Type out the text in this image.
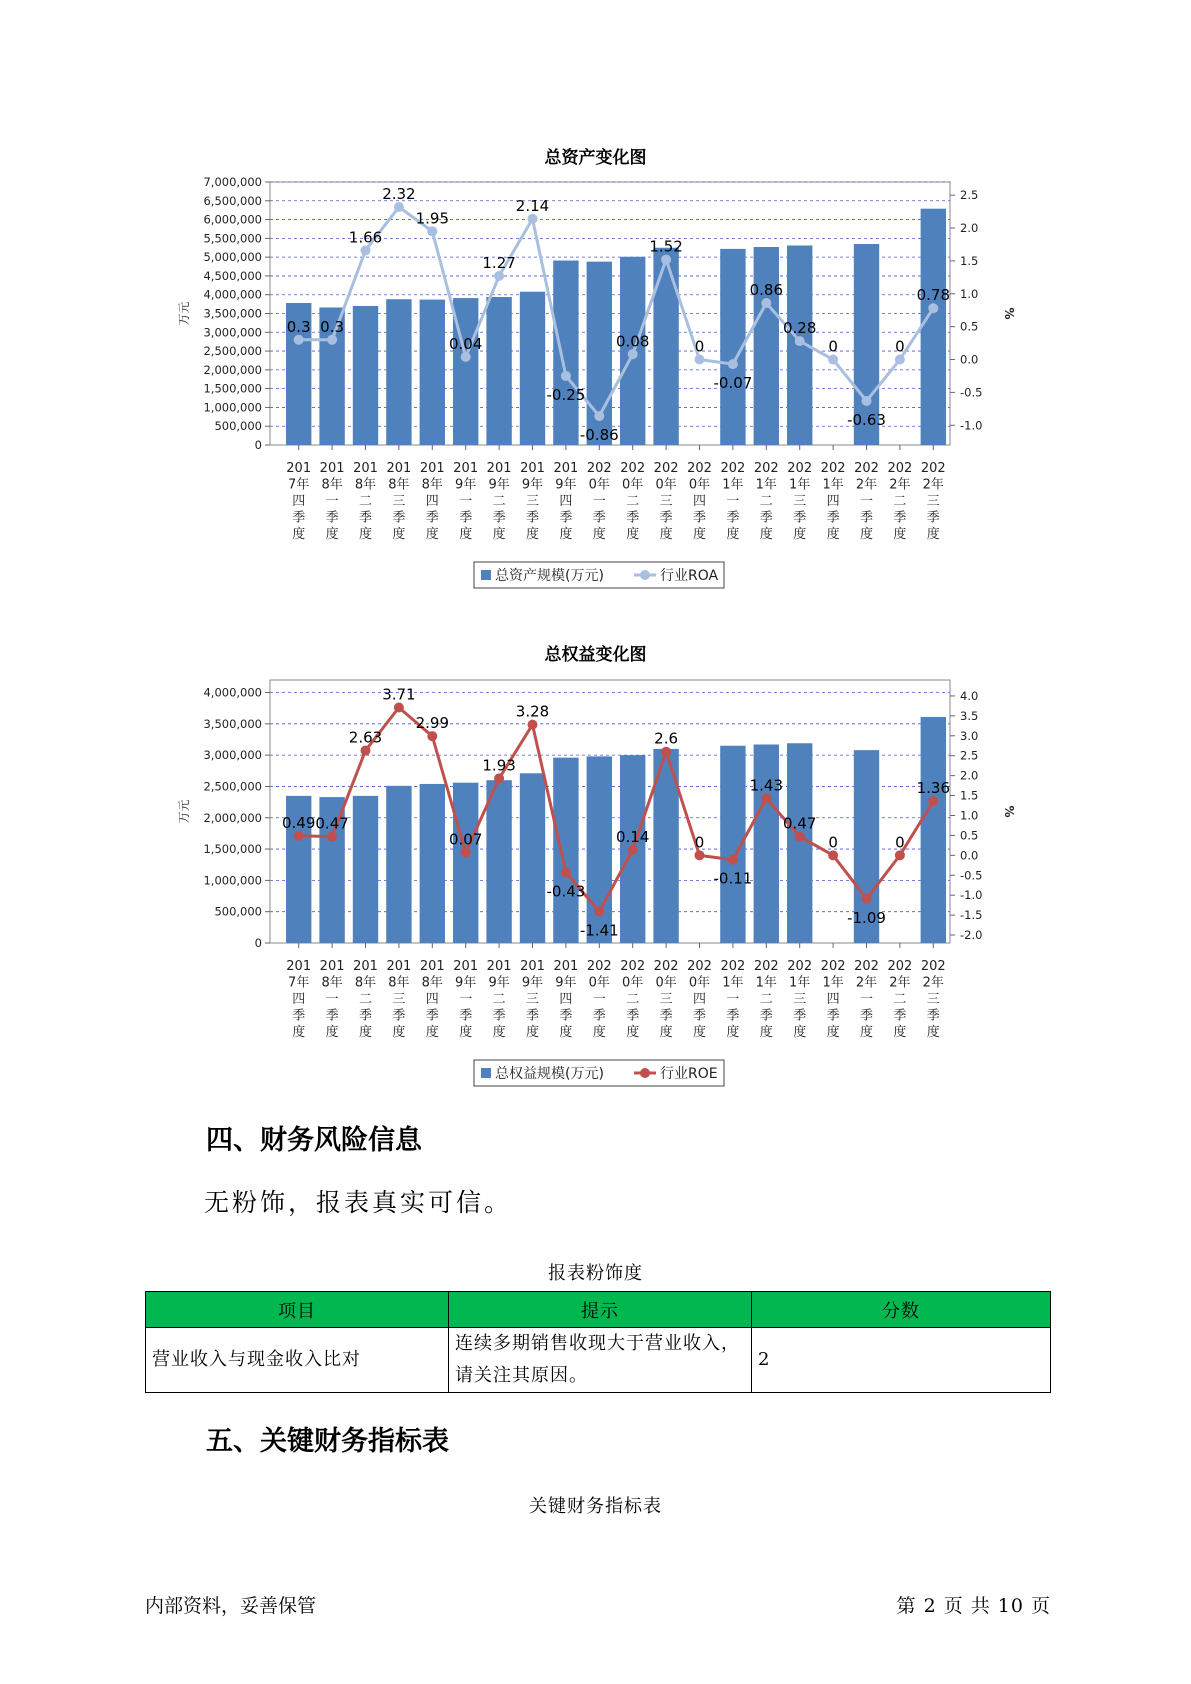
总资产变化图
0
500,000
1,000,000
1,500,000
2,000,000
2,500,000
3,000,000
3,500,000
4,000,000
4,500,000
5,000,000
5,500,000
6,000,000
6,500,000
7,000,000
-1.0
-0.5
0.0
0.5
1.0
1.5
2.0
2.5
万元	%
0.3 0.3
1.66
2.32
1.95
0.04
1.27
2.14
-0.25
-0.86
0.08
1.52
0
-0.07
0.86
0.28
0
-0.63
0
0.78
201
7年
四
季
度
201
8年
一
季
度
201
8年
二
季
度
201
8年
三
季
度
201
8年
四
季
度
201
9年
一
季
度
201
9年
二
季
度
201
9年
三
季
度
201
9年
四
季
度
202
0年
一
季
度
202
0年
二
季
度
202
0年
三
季
度
202
0年
四
季
度
202
1年
一
季
度
202
1年
二
季
度
202
1年
三
季
度
202
1年
四
季
度
202
2年
一
季
度
202
2年
二
季
度
202
2年
三
季
度
总资产规模(万元)	行业ROA
总权益变化图
0
500,000
1,000,000
1,500,000
2,000,000
2,500,000
3,000,000
3,500,000
4,000,000
-2.0
-1.5
-1.0
-0.5
0.0
0.5
1.0
1.5
2.0
2.5
3.0
3.5
4.0
万元	%
0.49 0.47
2.63
3.71
2.99
0.07
1.93
3.28
-0.43
-1.41
0.14
2.6
0
-0.11
1.43
0.47
0
-1.09
0
1.36
201
7年
四
季
度
201
8年
一
季
度
201
8年
二
季
度
201
8年
三
季
度
201
8年
四
季
度
201
9年
一
季
度
201
9年
二
季
度
201
9年
三
季
度
201
9年
四
季
度
202
0年
一
季
度
202
0年
二
季
度
202
0年
三
季
度
202
0年
四
季
度
202
1年
一
季
度
202
1年
二
季
度
202
1年
三
季
度
202
1年
四
季
度
202
2年
一
季
度
202
2年
二
季
度
202
2年
三
季
度
总权益规模(万元)	行业ROE
四、财务风险信息
无粉饰，报表真实可信。
报表粉饰度
项目	提示	分数
营业收入与现金收入比对	连续多期销售收现大于营业收入，请关注其原因。	2
五、关键财务指标表
关键财务指标表
内部资料，妥善保管	第 2 页 共 10 页
